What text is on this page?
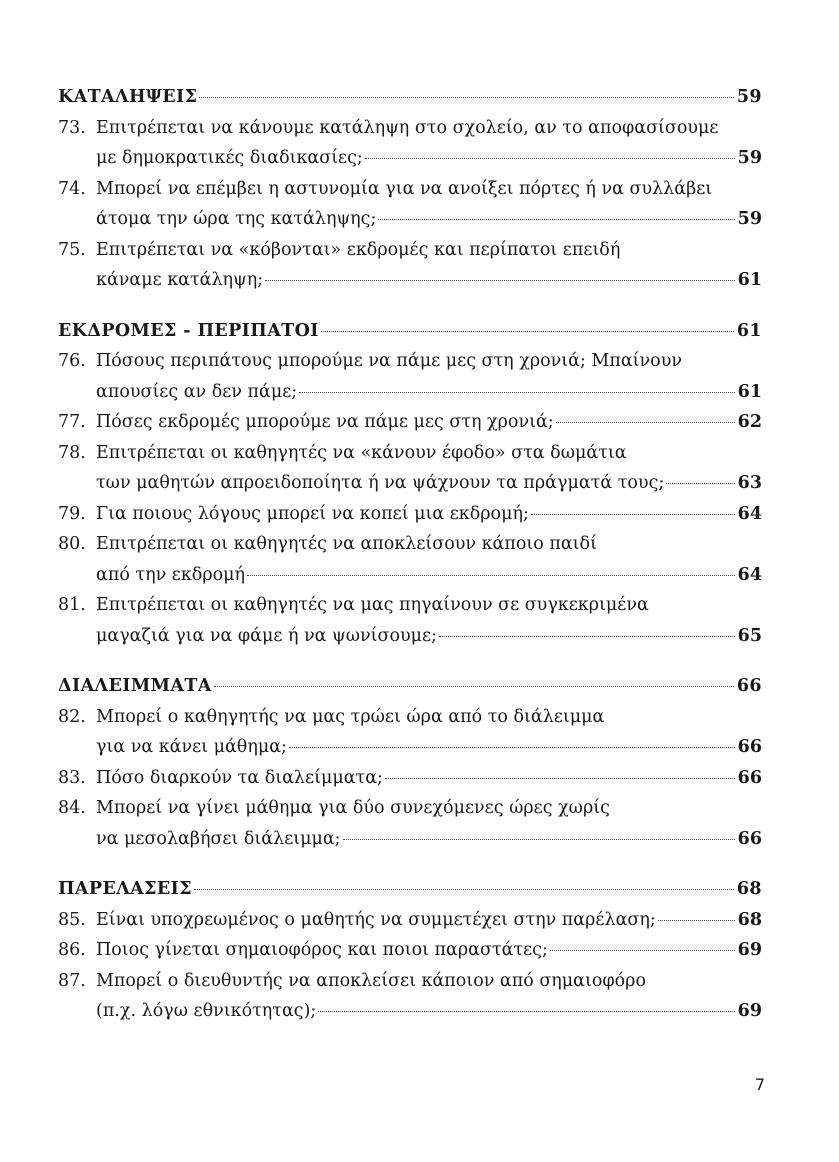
ΚΑΤΑΛΗΨΕΙΣ	59
73. Επιτρέπεται να κάνουμε κατάληψη στο σχολείο, αν το αποφασίσουμε
με δημοκρατικές διαδικασίες;	59
74. Μπορεί να επέμβει η αστυνομία για να ανοίξει πόρτες ή να συλλάβει
άτομα την ώρα της κατάληψης;	59
75. Επιτρέπεται να «κόβονται» εκδρομές και περίπατοι επειδή
κάναμε κατάληψη;	61
ΕΚΔΡΟΜΕΣ - ΠΕΡΙΠΑΤΟΙ	61
76. Πόσους περιπάτους μπορούμε να πάμε μες στη χρονιά; Μπαίνουν
απουσίες αν δεν πάμε;	61
77. Πόσες εκδρομές μπορούμε να πάμε μες στη χρονιά;	62
78. Επιτρέπεται οι καθηγητές να «κάνουν έφοδο» στα δωμάτια
των μαθητών απροειδοποίητα ή να ψάχνουν τα πράγματά τους;	63
79. Για ποιους λόγους μπορεί να κοπεί μια εκδρομή;	64
80. Επιτρέπεται οι καθηγητές να αποκλείσουν κάποιο παιδί
από την εκδρομή	64
81. Επιτρέπεται οι καθηγητές να μας πηγαίνουν σε συγκεκριμένα
μαγαζιά για να φάμε ή να ψωνίσουμε;	65
ΔΙΑΛΕΙΜΜΑΤΑ	66
82. Μπορεί ο καθηγητής να μας τρώει ώρα από το διάλειμμα
για να κάνει μάθημα;	66
83. Πόσο διαρκούν τα διαλείμματα;	66
84. Μπορεί να γίνει μάθημα για δύο συνεχόμενες ώρες χωρίς
να μεσολαβήσει διάλειμμα;	66
ΠΑΡΕΛΑΣΕΙΣ	68
85. Είναι υποχρεωμένος ο μαθητής να συμμετέχει στην παρέλαση;	68
86. Ποιος γίνεται σημαιοφόρος και ποιοι παραστάτες;	69
87. Μπορεί ο διευθυντής να αποκλείσει κάποιον από σημαιοφόρο
(π.χ. λόγω εθνικότητας);	69
7
